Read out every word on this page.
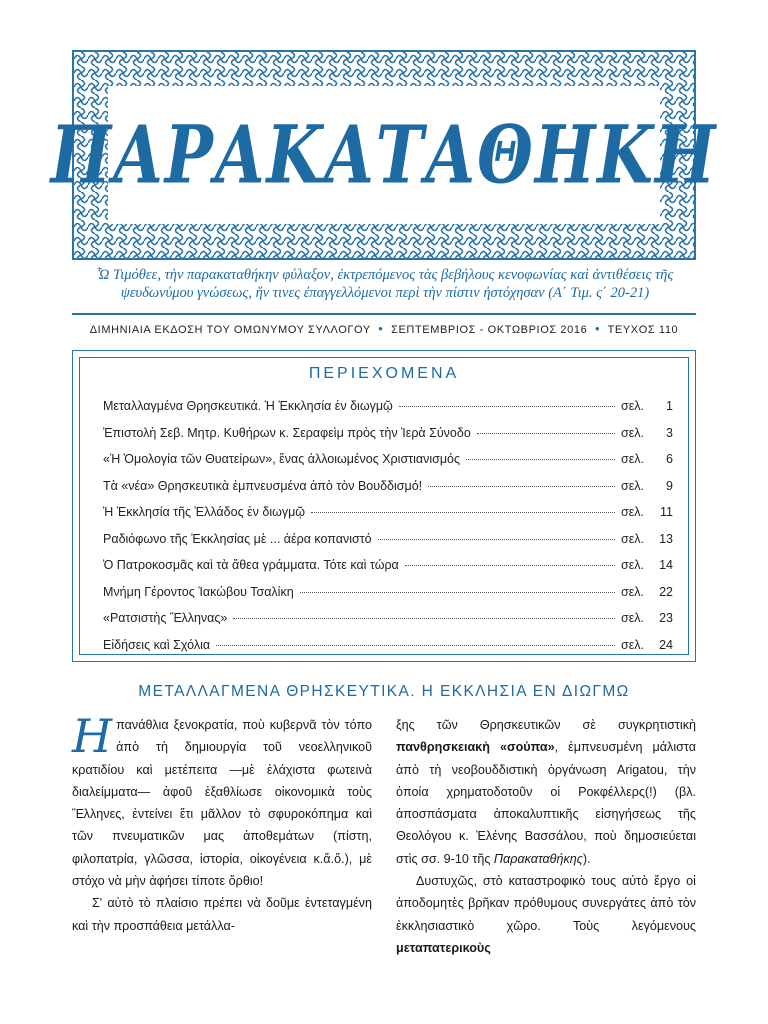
ΠΑΡΑΚΑΤΑΘΗΚΗ
Ὦ Τιμόθεε, τὴν παρακαταθήκην φύλαξον, ἐκτρεπόμενος τὰς βεβήλους κενοφωνίας καὶ ἀντιθέσεις τῆς ψευδωνύμου γνώσεως, ἥν τινες ἐπαγγελλόμενοι περὶ τὴν πίστιν ἠστόχησαν (Α΄ Τιμ. ς΄ 20-21)
ΔΙΜΗΝΙΑΙΑ ΕΚΔΟΣΗ ΤΟΥ ΟΜΩΝΥΜΟΥ ΣΥΛΛΟΓΟΥ • ΣΕΠΤΕΜΒΡΙΟΣ - ΟΚΤΩΒΡΙΟΣ 2016 • ΤΕΥΧΟΣ 110
ΠΕΡΙΕΧΟΜΕΝΑ
Μεταλλαγμένα Θρησκευτικά. Ἡ Ἐκκλησία ἐν διωγμῷ	σελ.	1
Ἐπιστολὴ Σεβ. Μητρ. Κυθήρων κ. Σεραφεὶμ πρὸς τὴν Ἱερὰ Σύνοδο	σελ.	3
«Ἡ Ὁμολογία τῶν Θυατείρων», ἕνας ἀλλοιωμένος Χριστιανισμός	σελ.	6
Τὰ «νέα» Θρησκευτικὰ ἐμπνευσμένα ἀπὸ τὸν Βουδδισμό!	σελ.	9
Ἡ Ἐκκλησία τῆς Ἑλλάδος ἐν διωγμῷ	σελ.	11
Ραδιόφωνο τῆς Ἐκκλησίας μὲ ... ἀέρα κοπανιστό	σελ.	13
Ὁ Πατροκοσμᾶς καὶ τὰ ἄθεα γράμματα. Τότε καὶ τώρα	σελ.	14
Μνήμη Γέροντος Ἰακώβου Τσαλίκη	σελ.	22
«Ρατσιστὴς Ἕλληνας»	σελ.	23
Εἰδήσεις καὶ Σχόλια	σελ.	24
ΜΕΤΑΛΛΑΓΜΕΝΑ ΘΡΗΣΚΕΥΤΙΚΑ. Η ΕΚΚΛΗΣΙΑ ΕΝ ΔΙΩΓΜΩ

Η πανάθλια ξενοκρατία, ποὺ κυβερνᾶ τὸν τόπο ἀπὸ τὴ δημιουργία τοῦ νεοελληνικοῦ κρατιδίου καὶ μετέπειτα —μὲ ἐλάχιστα φωτεινὰ διαλείμματα— ἀφοῦ ἐξαθλίωσε οἰκονομικὰ τοὺς Ἕλληνες, ἐντείνει ἔτι μᾶλλον τὸ σφυροκόπημα καὶ τῶν πνευματικῶν μας ἀποθεμάτων (πίστη, φιλοπατρία, γλῶσσα, ἱστορία, οἰκογένεια κ.ἄ.ὅ.), μὲ στόχο νὰ μὴν ἀφήσει τίποτε ὄρθιο!

Σ' αὐτὸ τὸ πλαίσιο πρέπει νὰ δοῦμε ἐντεταγμένη καὶ τὴν προσπάθεια μετάλλα-

ξης τῶν Θρησκευτικῶν σὲ συγκρητιστικὴ πανθρησκειακὴ «σούπα», ἐμπνευσμένη μάλιστα ἀπὸ τὴ νεοβουδδιστικὴ ὀργάνωση Arigatou, τὴν ὁποία χρηματοδοτοῦν οἱ Ροκφέλλερς(!) (βλ. ἀποσπάσματα ἀποκαλυπτικῆς εἰσηγήσεως τῆς Θεολόγου κ. Ἑλένης Βασσάλου, ποὺ δημοσιεύεται στὶς σσ. 9-10 τῆς Παρακαταθήκης).

Δυστυχῶς, στὸ καταστροφικὸ τους αὐτὸ ἔργο οἱ ἀποδομητὲς βρῆκαν πρόθυμους συνεργάτες ἀπὸ τὸν ἐκκλησιαστικὸ χῶρο. Τοὺς λεγόμενους μεταπατερικοὺς
